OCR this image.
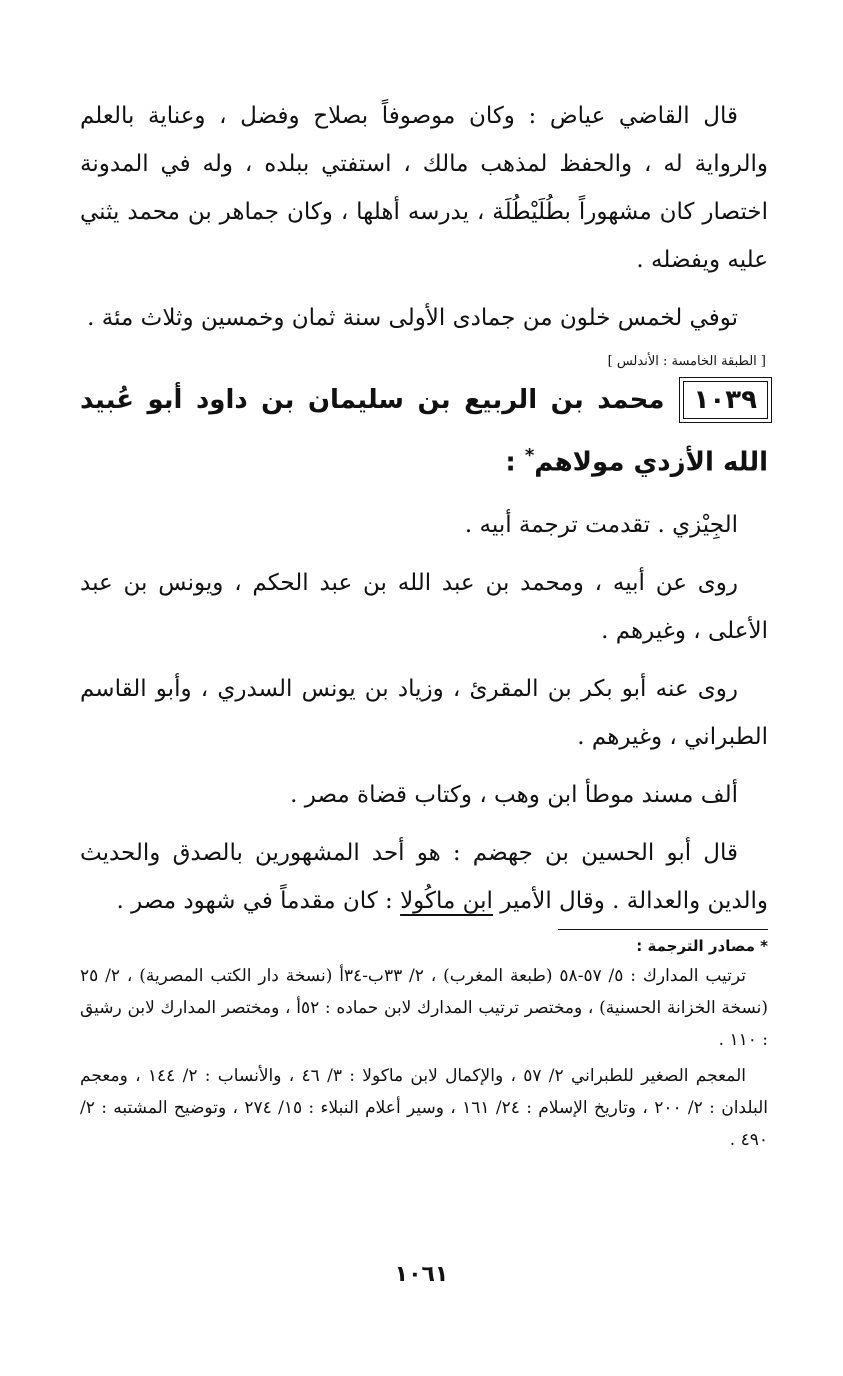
قال القاضي عياض : وكان موصوفاً بصلاح وفضل ، وعناية بالعلم والرواية له ، والحفظ لمذهب مالك ، استفتي ببلده ، وله في المدونة اختصار كان مشهوراً بطُلَيْطُلَة ، يدرسه أهلها ، وكان جماهر بن محمد يثني عليه ويفضله .

توفي لخمس خلون من جمادى الأولى سنة ثمان وخمسين وثلاث مئة .

[ الطبقة الخامسة : الأندلس ]

١٠٣٩محمد بن الربيع بن سليمان بن داود أبو عُبيد الله الأزدي مولاهم* :

الجِيْزي . تقدمت ترجمة أبيه .

روى عن أبيه ، ومحمد بن عبد الله بن عبد الحكم ، ويونس بن عبد الأعلى ، وغيرهم .

روى عنه أبو بكر بن المقرئ ، وزياد بن يونس السدري ، وأبو القاسم الطبراني ، وغيرهم .

ألف مسند موطأ ابن وهب ، وكتاب قضاة مصر .

قال أبو الحسين بن جهضم : هو أحد المشهورين بالصدق والحديث والدين والعدالة . وقال الأمير ابن ماكُولا : كان مقدماً في شهود مصر .

* مصادر الترجمة :

ترتيب المدارك : ٥/ ٥٧-٥٨ (طبعة المغرب) ، ٢/ ٣٣ب-٣٤أ (نسخة دار الكتب المصرية) ، ٢/ ٢٥ (نسخة الخزانة الحسنية) ، ومختصر ترتيب المدارك لابن حماده : ٥٢أ ، ومختصر المدارك لابن رشيق : ١١٠ .

المعجم الصغير للطبراني ٢/ ٥٧ ، والإكمال لابن ماكولا : ٣/ ٤٦ ، والأنساب : ٢/ ١٤٤ ، ومعجم البلدان : ٢/ ٢٠٠ ، وتاريخ الإسلام : ٢٤/ ١٦١ ، وسير أعلام النبلاء : ١٥/ ٢٧٤ ، وتوضيح المشتبه : ٢/ ٤٩٠ .

١٠٦١
